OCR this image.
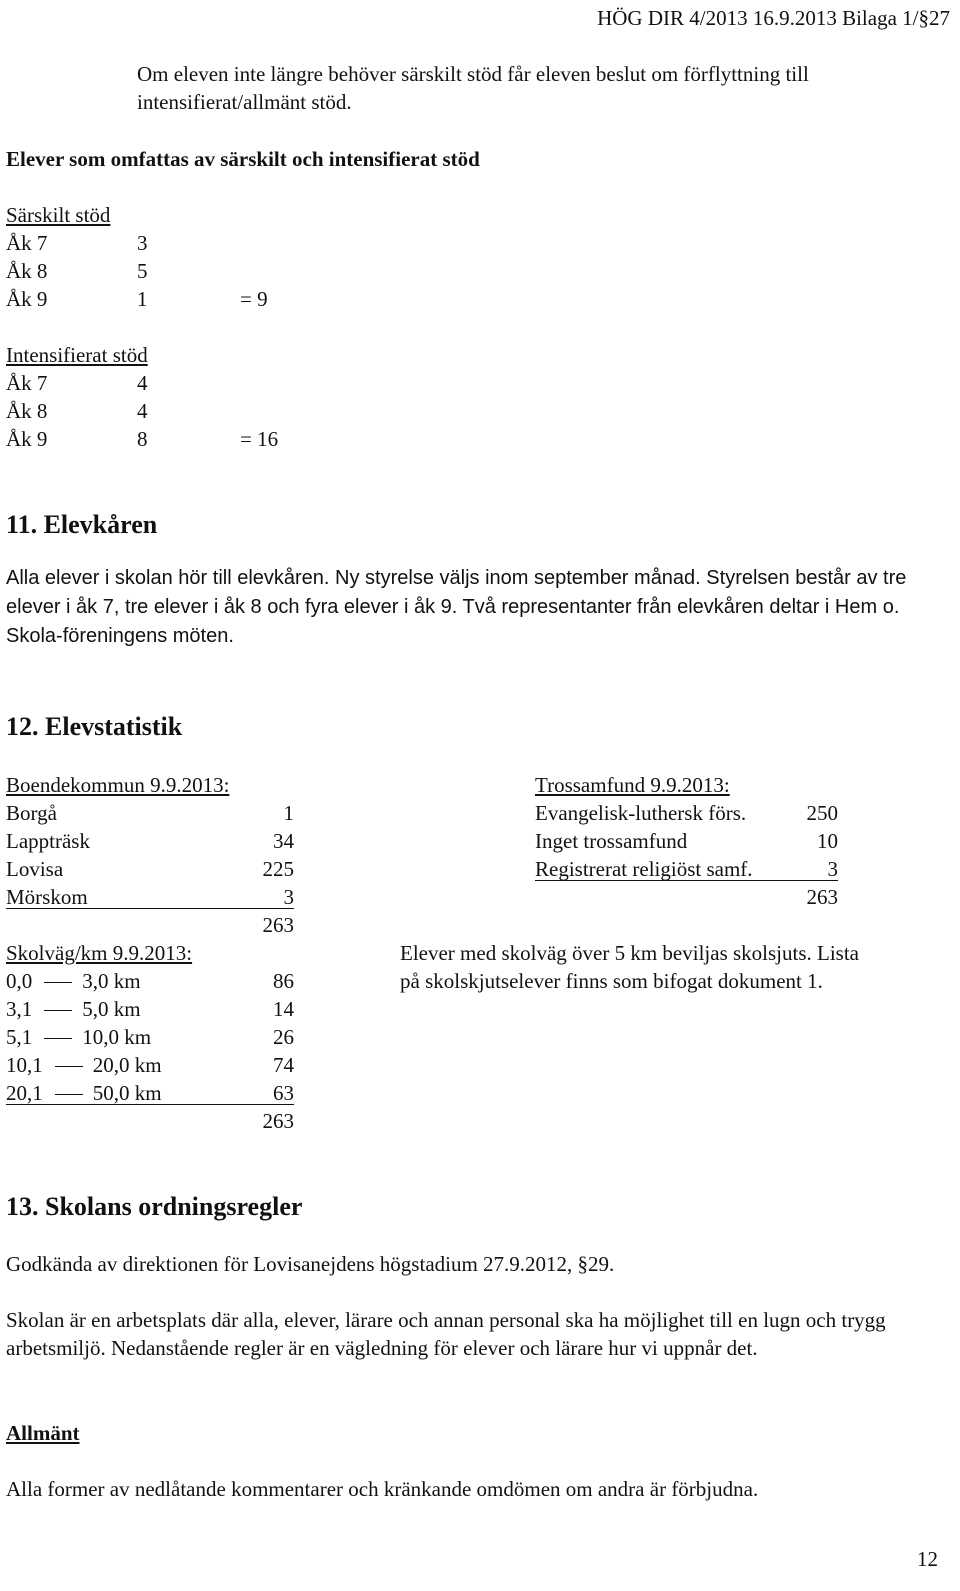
HÖG DIR 4/2013 16.9.2013 Bilaga 1/§27
Om eleven inte längre behöver särskilt stöd får eleven beslut om förflyttning till intensifierat/allmänt stöd.
Elever som omfattas av särskilt och intensifierat stöd
Särskilt stöd
Åk 7	3
Åk 8	5
Åk 9	1	= 9
Intensifierat stöd
Åk 7	4
Åk 8	4
Åk 9	8	= 16
11. Elevkåren
Alla elever i skolan hör till elevkåren. Ny styrelse väljs inom september månad. Styrelsen består av tre elever i åk 7, tre elever i åk 8 och fyra elever i åk 9. Två representanter från elevkåren deltar i Hem o. Skola-föreningens möten.
12. Elevstatistik
Boendekommun 9.9.2013:
Borgå	1
Lappträsk	34
Lovisa	225
Mörskom	3
263
Trossamfund 9.9.2013:
Evangelisk-luthersk förs.	250
Inget trossamfund	10
Registrerat religiöst samf.	3
263
Skolväg/km 9.9.2013:
0,0 3,0 km	86
3,1 5,0 km	14
5,1 10,0 km	26
10,1 20,0 km	74
20,1 50,0 km	63
263
Elever med skolväg över 5 km beviljas skolsjuts. Lista
på skolskjutselever finns som bifogat dokument 1.
13. Skolans ordningsregler
Godkända av direktionen för Lovisanejdens högstadium 27.9.2012, §29.
Skolan är en arbetsplats där alla, elever, lärare och annan personal ska ha möjlighet till en lugn och trygg arbetsmiljö. Nedanstående regler är en vägledning för elever och lärare hur vi uppnår det.
Allmänt
Alla former av nedlåtande kommentarer och kränkande omdömen om andra är förbjudna.
12
